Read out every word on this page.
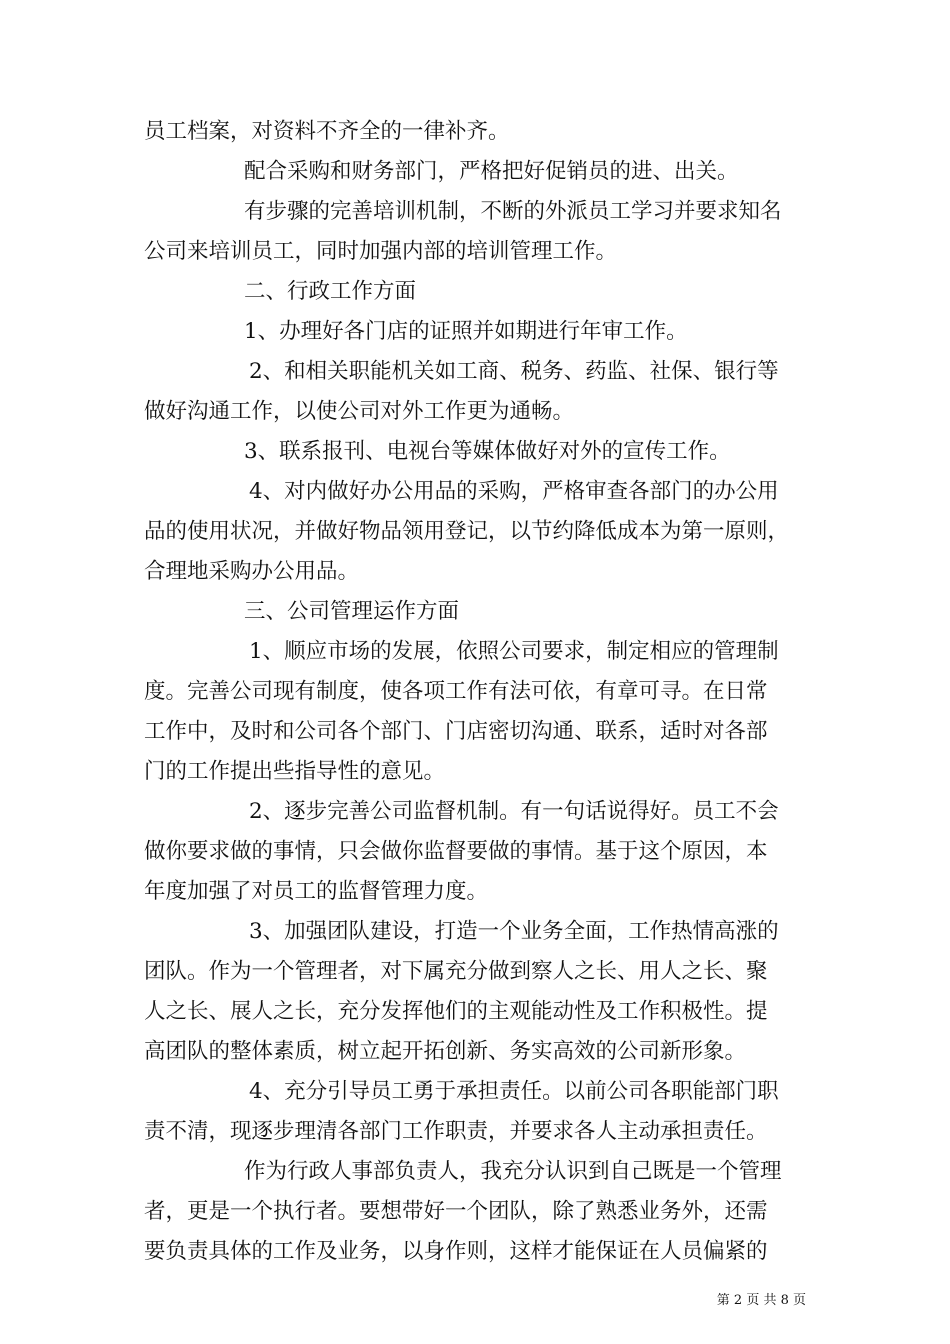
员工档案，对资料不齐全的一律补齐。
配合采购和财务部门，严格把好促销员的进、出关。
有步骤的完善培训机制，不断的外派员工学习并要求知名
公司来培训员工，同时加强内部的培训管理工作。
二、行政工作方面
1、办理好各门店的证照并如期进行年审工作。
2、和相关职能机关如工商、税务、药监、社保、银行等
做好沟通工作，以使公司对外工作更为通畅。
3、联系报刊、电视台等媒体做好对外的宣传工作。
4、对内做好办公用品的采购，严格审查各部门的办公用
品的使用状况，并做好物品领用登记，以节约降低成本为第一原则，
合理地采购办公用品。
三、公司管理运作方面
1、顺应市场的发展，依照公司要求，制定相应的管理制
度。完善公司现有制度，使各项工作有法可依，有章可寻。在日常
工作中，及时和公司各个部门、门店密切沟通、联系，适时对各部
门的工作提出些指导性的意见。
2、逐步完善公司监督机制。有一句话说得好。员工不会
做你要求做的事情，只会做你监督要做的事情。基于这个原因，本
年度加强了对员工的监督管理力度。
3、加强团队建设，打造一个业务全面，工作热情高涨的
团队。作为一个管理者，对下属充分做到察人之长、用人之长、聚
人之长、展人之长，充分发挥他们的主观能动性及工作积极性。提
高团队的整体素质，树立起开拓创新、务实高效的公司新形象。
4、充分引导员工勇于承担责任。以前公司各职能部门职
责不清，现逐步理清各部门工作职责，并要求各人主动承担责任。
作为行政人事部负责人，我充分认识到自己既是一个管理
者，更是一个执行者。要想带好一个团队，除了熟悉业务外，还需
要负责具体的工作及业务，以身作则，这样才能保证在人员偏紧的
第 2 页 共 8 页
